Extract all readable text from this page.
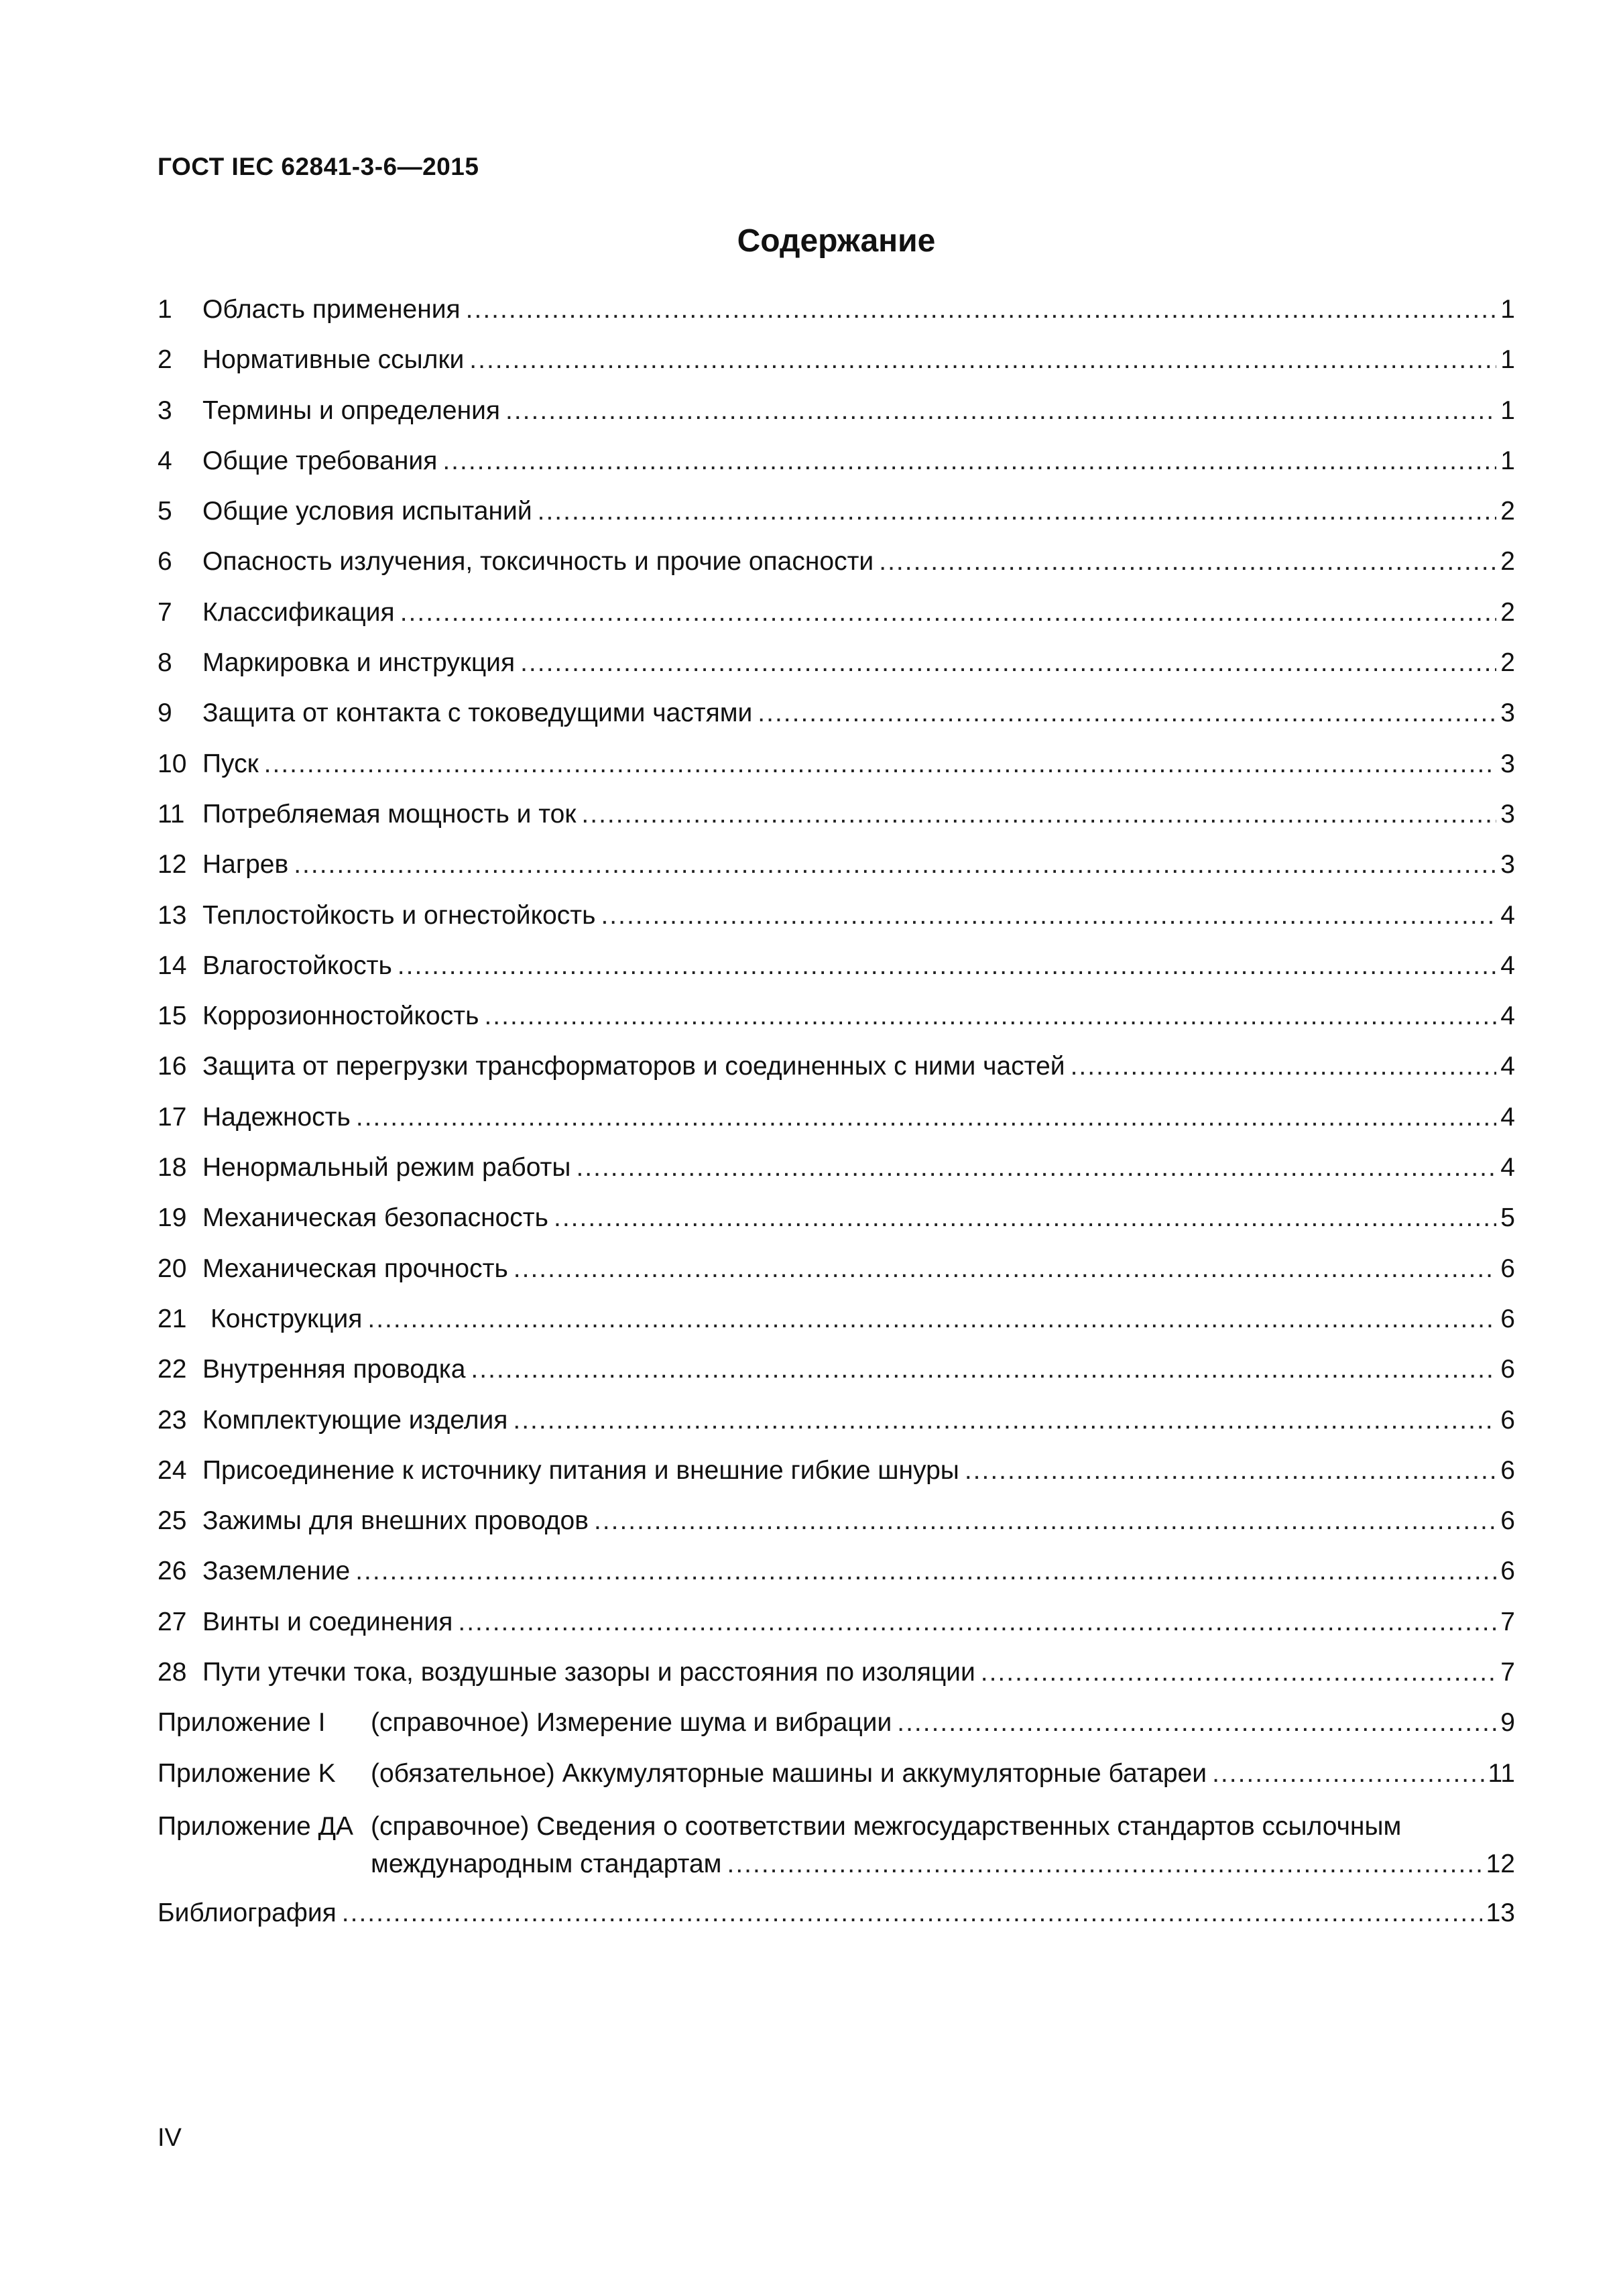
ГОСТ IEC 62841-3-6—2015
Содержание
1	Область применения .....	1
2	Нормативные ссылки .....	1
3	Термины и определения .....	1
4	Общие требования .....	1
5	Общие условия испытаний .....	2
6	Опасность излучения, токсичность и прочие опасности .....	2
7	Классификация .....	2
8	Маркировка и инструкция .....	2
9	Защита от контакта с токоведущими частями .....	3
10 Пуск .....	3
11 Потребляемая мощность и ток .....	3
12 Нагрев .....	3
13 Теплостойкость и огнестойкость .....	4
14 Влагостойкость .....	4
15 Коррозионностойкость .....	4
16 Защита от перегрузки трансформаторов и соединенных с ними частей .....	4
17 Надежность .....	4
18 Ненормальный режим работы .....	4
19 Механическая безопасность .....	5
20 Механическая прочность .....	6
21 Конструкция .....	6
22 Внутренняя проводка .....	6
23 Комплектующие изделия .....	6
24 Присоединение к источнику питания и внешние гибкие шнуры .....	6
25 Зажимы для внешних проводов .....	6
26 Заземление .....	6
27 Винты и соединения .....	7
28 Пути утечки тока, воздушные зазоры и расстояния по изоляции .....	7
Приложение I	(справочное) Измерение шума и вибрации .....	9
Приложение K	(обязательное) Аккумуляторные машины и аккумуляторные батареи .....	11
Приложение ДА (справочное) Сведения о соответствии межгосударственных стандартов ссылочным
международным стандартам .....	12
Библиография .....	13
IV
